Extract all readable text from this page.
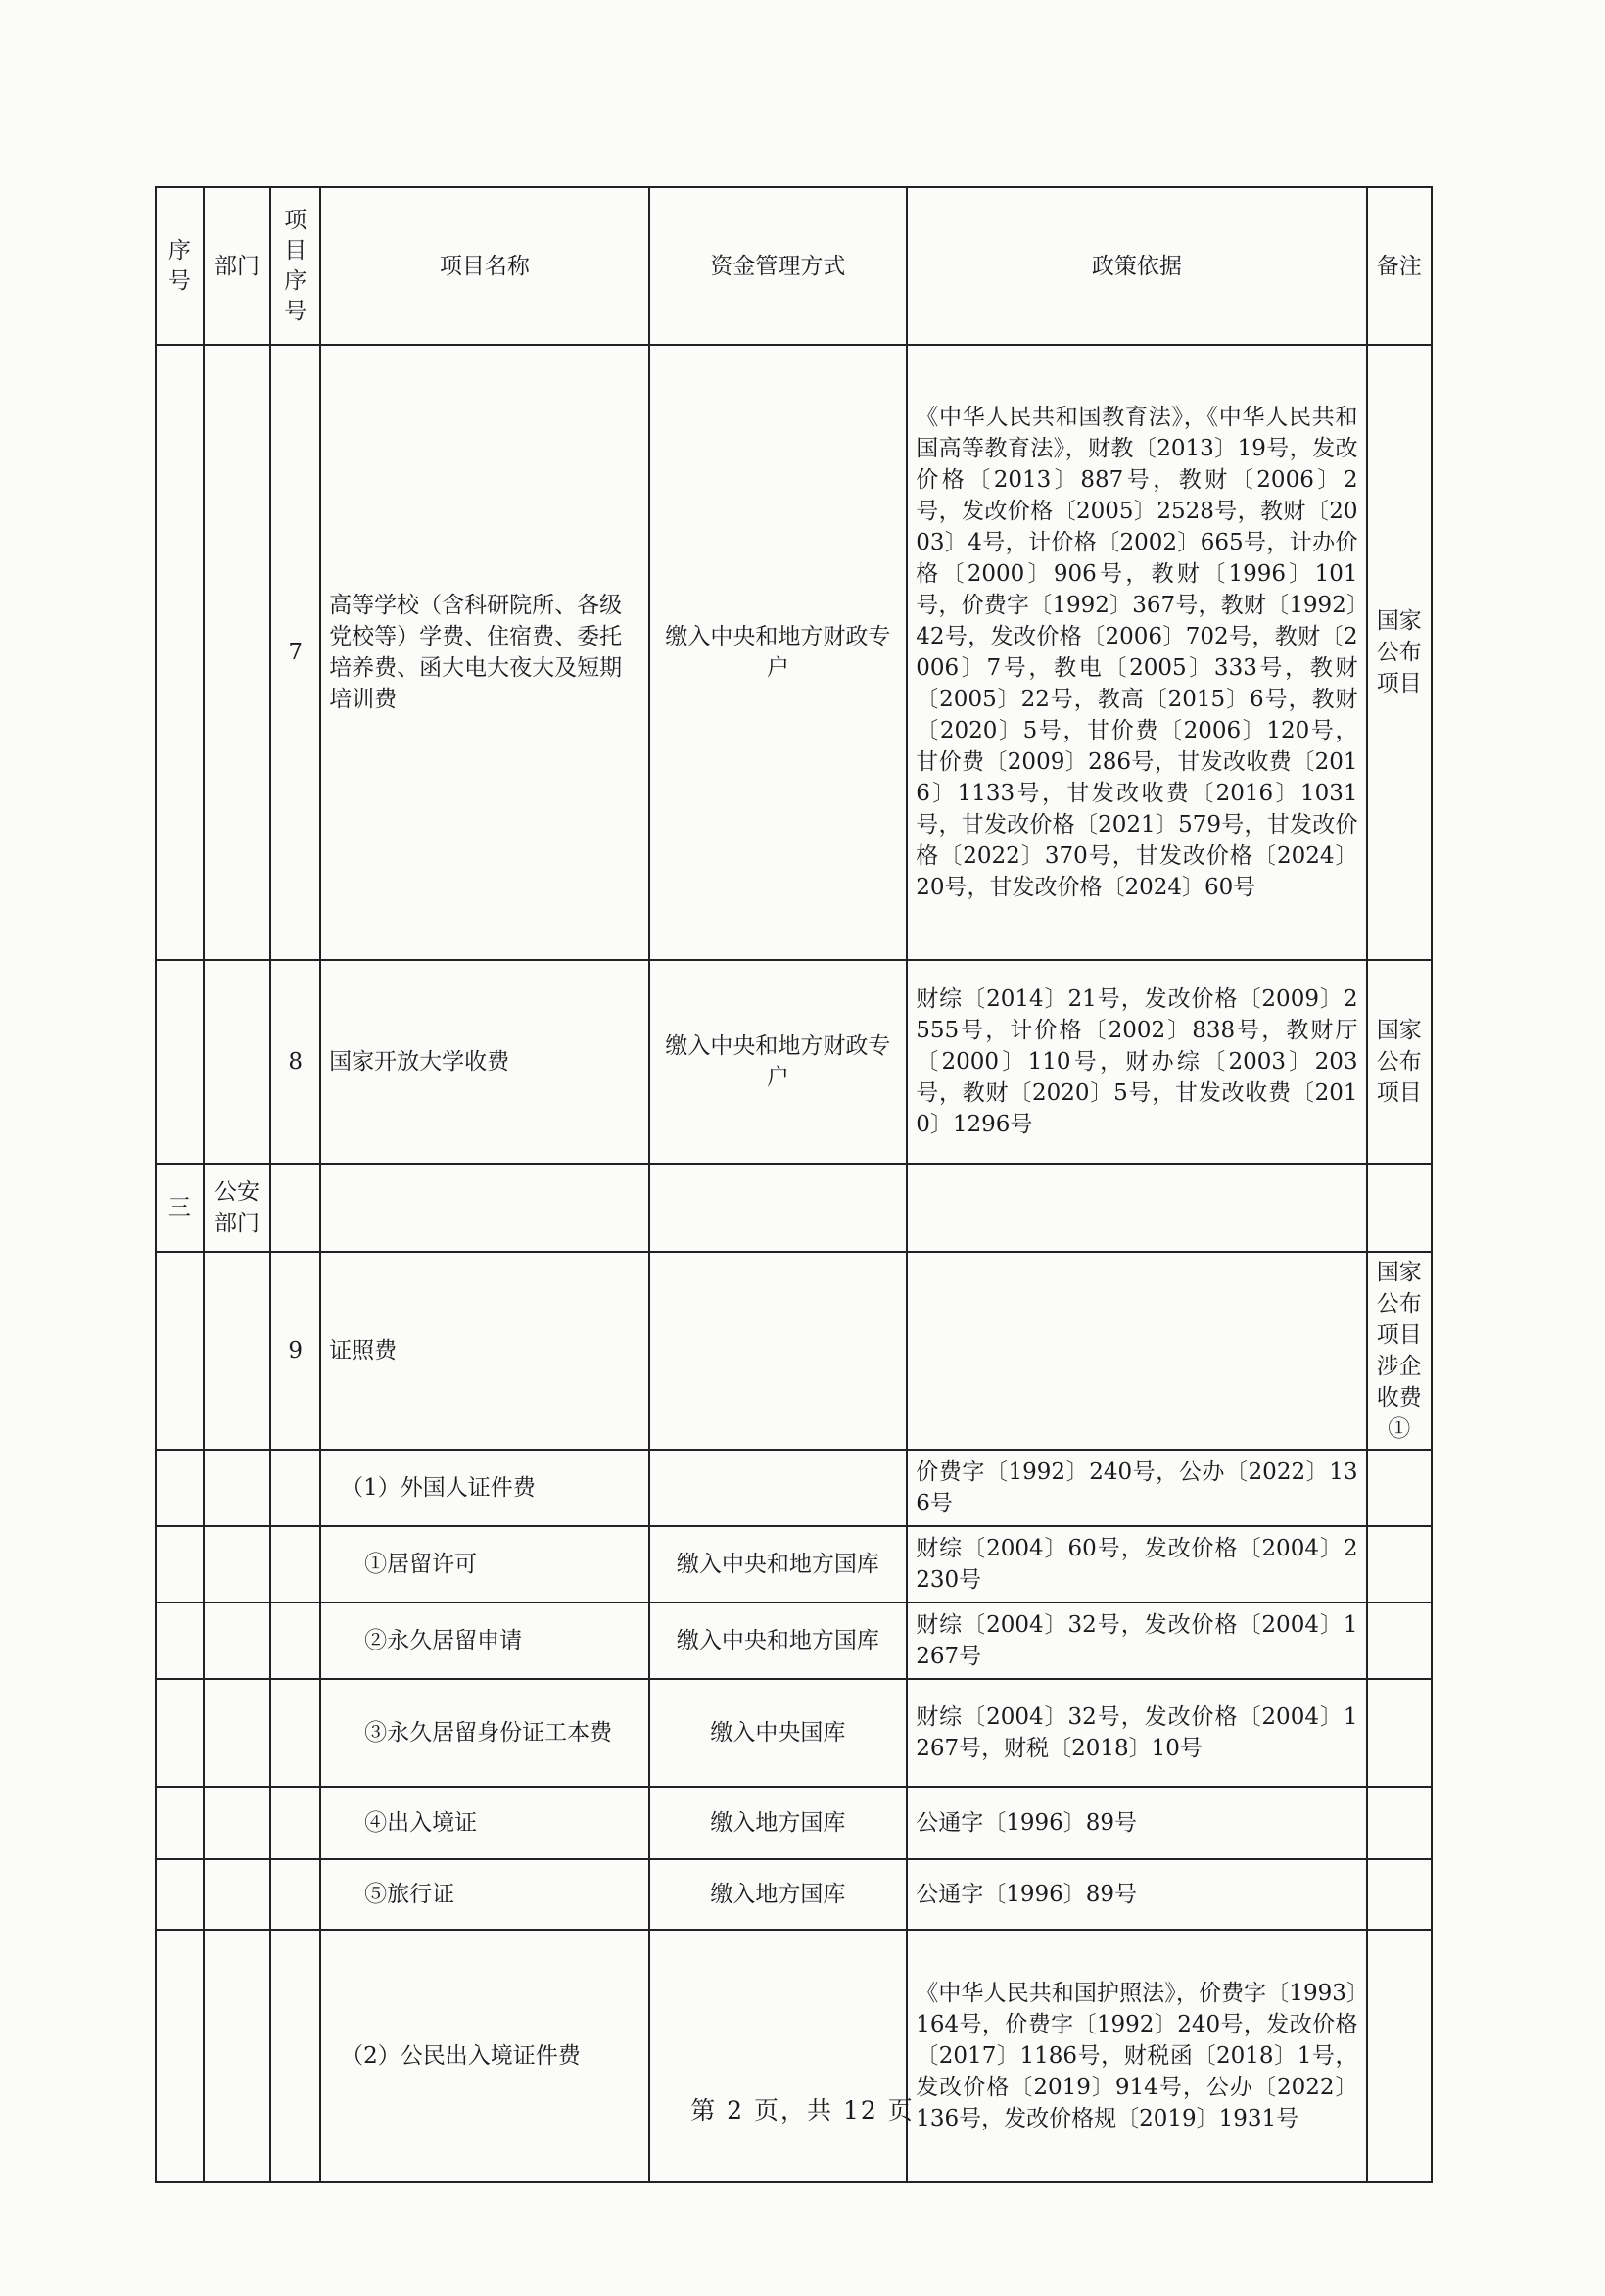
序号	部门	项目序号	项目名称	资金管理方式	政策依据	备注
		7	高等学校（含科研院所、各级党校等）学费、住宿费、委托培养费、函大电大夜大及短期培训费	缴入中央和地方财政专户	《中华人民共和国教育法》，《中华人民共和国高等教育法》，财教〔2013〕19号，发改价格〔2013〕887号，教财〔2006〕2号，发改价格〔2005〕2528号，教财〔2003〕4号，计价格〔2002〕665号，计办价格〔2000〕906号，教财〔1996〕101号，价费字〔1992〕367号，教财〔1992〕42号，发改价格〔2006〕702号，教财〔2006〕7号，教电〔2005〕333号，教财〔2005〕22号，教高〔2015〕6号，教财〔2020〕5号，甘价费〔2006〕120号，甘价费〔2009〕286号，甘发改收费〔2016〕1133号，甘发改收费〔2016〕1031号，甘发改价格〔2021〕579号，甘发改价格〔2022〕370号，甘发改价格〔2024〕20号，甘发改价格〔2024〕60号	国家公布项目
		8	国家开放大学收费	缴入中央和地方财政专户	财综〔2014〕21号，发改价格〔2009〕2555号，计价格〔2002〕838号，教财厅〔2000〕110号，财办综〔2003〕203号，教财〔2020〕5号，甘发改收费〔2010〕1296号	国家公布项目
三	公安部门					
		9	证照费			国家公布项目涉企收费①
			（1）外国人证件费		价费字〔1992〕240号，公办〔2022〕136号	
			①居留许可	缴入中央和地方国库	财综〔2004〕60号，发改价格〔2004〕2230号	
			②永久居留申请	缴入中央和地方国库	财综〔2004〕32号，发改价格〔2004〕1267号	
			③永久居留身份证工本费	缴入中央国库	财综〔2004〕32号，发改价格〔2004〕1267号，财税〔2018〕10号	
			④出入境证	缴入地方国库	公通字〔1996〕89号	
			⑤旅行证	缴入地方国库	公通字〔1996〕89号	
			（2）公民出入境证件费		《中华人民共和国护照法》，价费字〔1993〕164号，价费字〔1992〕240号，发改价格〔2017〕1186号，财税函〔2018〕1号，发改价格〔2019〕914号，公办〔2022〕136号，发改价格规〔2019〕1931号	
第 2 页，共 12 页
